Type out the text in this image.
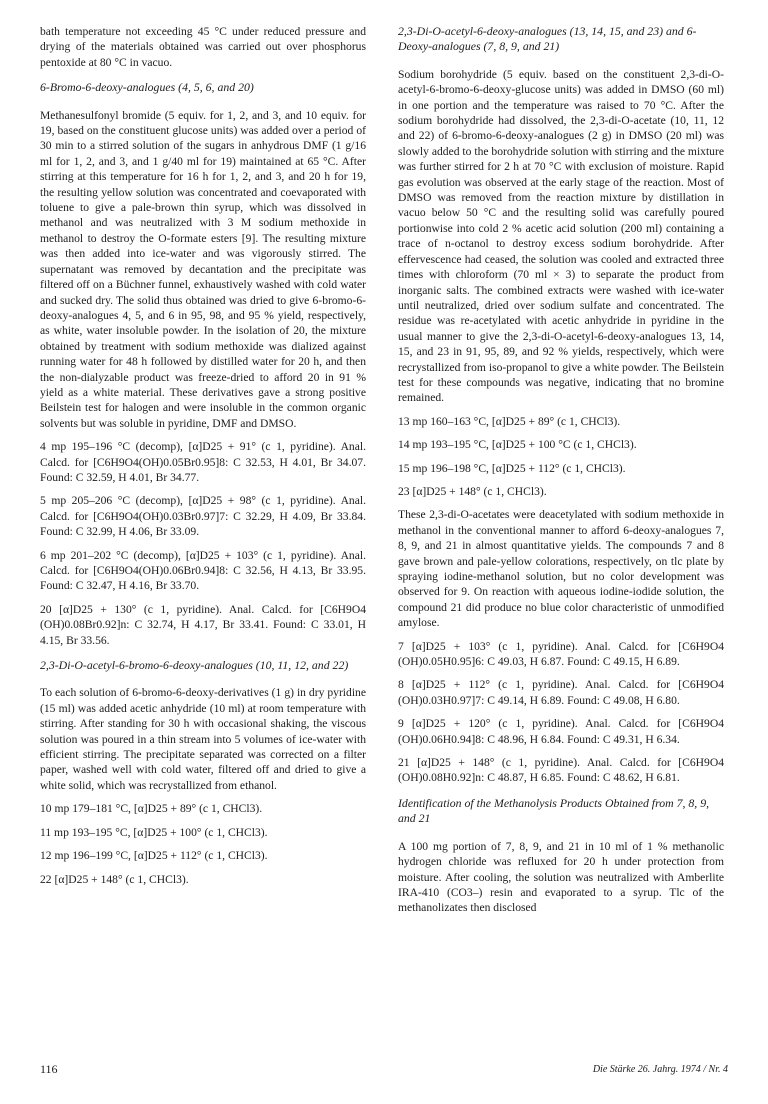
bath temperature not exceeding 45 °C under reduced pressure and drying of the materials obtained was carried out over phosphorus pentoxide at 80 °C in vacuo.

6-Bromo-6-deoxy-analogues (4, 5, 6, and 20)

Methanesulfonyl bromide (5 equiv. for 1, 2, and 3, and 10 equiv. for 19, based on the constituent glucose units) was added over a period of 30 min to a stirred solution of the sugars in anhydrous DMF (1 g/16 ml for 1, 2, and 3, and 1 g/40 ml for 19) maintained at 65 °C. After stirring at this temperature for 16 h for 1, 2, and 3, and 20 h for 19, the resulting yellow solution was concentrated and coevaporated with toluene to give a pale-brown thin syrup, which was dissolved in methanol and was neutralized with 3 M sodium methoxide in methanol to destroy the O-formate esters [9]. The resulting mixture was then added into ice-water and was vigorously stirred. The supernatant was removed by decantation and the precipitate was filtered off on a Büchner funnel, exhaustively washed with cold water and sucked dry. The solid thus obtained was dried to give 6-bromo-6-deoxy-analogues 4, 5, and 6 in 95, 98, and 95 % yield, respectively, as white, water insoluble powder. In the isolation of 20, the mixture obtained by treatment with sodium methoxide was dialized against running water for 48 h followed by distilled water for 20 h, and then the non-dialyzable product was freeze-dried to afford 20 in 91 % yield as a white material. These derivatives gave a strong positive Beilstein test for halogen and were insoluble in the common organic solvents but was soluble in pyridine, DMF and DMSO.

4 mp 195–196 °C (decomp), [α]D25 + 91° (c 1, pyridine). Anal. Calcd. for [C6H9O4(OH)0.05Br0.95]8: C 32.53, H 4.01, Br 34.07. Found: C 32.59, H 4.01, Br 34.77.
5 mp 205–206 °C (decomp), [α]D25 + 98° (c 1, pyridine). Anal. Calcd. for [C6H9O4(OH)0.03Br0.97]7: C 32.29, H 4.09, Br 33.84. Found: C 32.99, H 4.06, Br 33.09.
6 mp 201–202 °C (decomp), [α]D25 + 103° (c 1, pyridine). Anal. Calcd. for [C6H9O4(OH)0.06Br0.94]8: C 32.56, H 4.13, Br 33.95. Found: C 32.47, H 4.16, Br 33.70.
20 [α]D25 + 130° (c 1, pyridine). Anal. Calcd. for [C6H9O4 (OH)0.08Br0.92]n: C 32.74, H 4.17, Br 33.41. Found: C 33.01, H 4.15, Br 33.56.
2,3-Di-O-acetyl-6-bromo-6-deoxy-analogues (10, 11, 12, and 22)

To each solution of 6-bromo-6-deoxy-derivatives (1 g) in dry pyridine (15 ml) was added acetic anhydride (10 ml) at room temperature with stirring. After standing for 30 h with occasional shaking, the viscous solution was poured in a thin stream into 5 volumes of ice-water with efficient stirring. The precipitate separated was corrected on a filter paper, washed well with cold water, filtered off and dried to give a white solid, which was recrystallized from ethanol.

10 mp 179–181 °C, [α]D25 + 89° (c 1, CHCl3).
11 mp 193–195 °C, [α]D25 + 100° (c 1, CHCl3).
12 mp 196–199 °C, [α]D25 + 112° (c 1, CHCl3).
22 [α]D25 + 148° (c 1, CHCl3).
2,3-Di-O-acetyl-6-deoxy-analogues (13, 14, 15, and 23) and 6-Deoxy-analogues (7, 8, 9, and 21)

Sodium borohydride (5 equiv. based on the constituent 2,3-di-O-acetyl-6-bromo-6-deoxy-glucose units) was added in DMSO (60 ml) in one portion and the temperature was raised to 70 °C. After the sodium borohydride had dissolved, the 2,3-di-O-acetate (10, 11, 12 and 22) of 6-bromo-6-deoxy-analogues (2 g) in DMSO (20 ml) was slowly added to the borohydride solution with stirring and the mixture was further stirred for 2 h at 70 °C with exclusion of moisture. Rapid gas evolution was observed at the early stage of the reaction. Most of DMSO was removed from the reaction mixture by distillation in vacuo below 50 °C and the resulting solid was carefully poured portionwise into cold 2 % acetic acid solution (200 ml) containing a trace of n-octanol to destroy excess sodium borohydride. After effervescence had ceased, the solution was cooled and extracted three times with chloroform (70 ml × 3) to separate the product from inorganic salts. The combined extracts were washed with ice-water until neutralized, dried over sodium sulfate and concentrated. The residue was re-acetylated with acetic anhydride in pyridine in the usual manner to give the 2,3-di-O-acetyl-6-deoxy-analogues 13, 14, 15, and 23 in 91, 95, 89, and 92 % yields, respectively, which were recrystallized from iso-propanol to give a white powder. The Beilstein test for these compounds was negative, indicating that no bromine remained.

13 mp 160–163 °C, [α]D25 + 89° (c 1, CHCl3).
14 mp 193–195 °C, [α]D25 + 100 °C (c 1, CHCl3).
15 mp 196–198 °C, [α]D25 + 112° (c 1, CHCl3).
23 [α]D25 + 148° (c 1, CHCl3).

These 2,3-di-O-acetates were deacetylated with sodium methoxide in methanol in the conventional manner to afford 6-deoxy-analogues 7, 8, 9, and 21 in almost quantitative yields. The compounds 7 and 8 gave brown and pale-yellow colorations, respectively, on tlc plate by spraying iodine-methanol solution, but no color development was observed for 9. On reaction with aqueous iodine-iodide solution, the compound 21 did produce no blue color characteristic of unmodified amylose.

7 [α]D25 + 103° (c 1, pyridine). Anal. Calcd. for [C6H9O4 (OH)0.05H0.95]6: C 49.03, H 6.87. Found: C 49.15, H 6.89.
8 [α]D25 + 112° (c 1, pyridine). Anal. Calcd. for [C6H9O4 (OH)0.03H0.97]7: C 49.14, H 6.89. Found: C 49.08, H 6.80.
9 [α]D25 + 120° (c 1, pyridine). Anal. Calcd. for [C6H9O4 (OH)0.06H0.94]8: C 48.96, H 6.84. Found: C 49.31, H 6.34.
21 [α]D25 + 148° (c 1, pyridine). Anal. Calcd. for [C6H9O4 (OH)0.08H0.92]n: C 48.87, H 6.85. Found: C 48.62, H 6.81.
Identification of the Methanolysis Products Obtained from 7, 8, 9, and 21

A 100 mg portion of 7, 8, 9, and 21 in 10 ml of 1 % methanolic hydrogen chloride was refluxed for 20 h under protection from moisture. After cooling, the solution was neutralized with Amberlite IRA-410 (CO3–) resin and evaporated to a syrup. Tlc of the methanolizates then disclosed

116	Die Stärke 26. Jahrg. 1974 / Nr. 4
